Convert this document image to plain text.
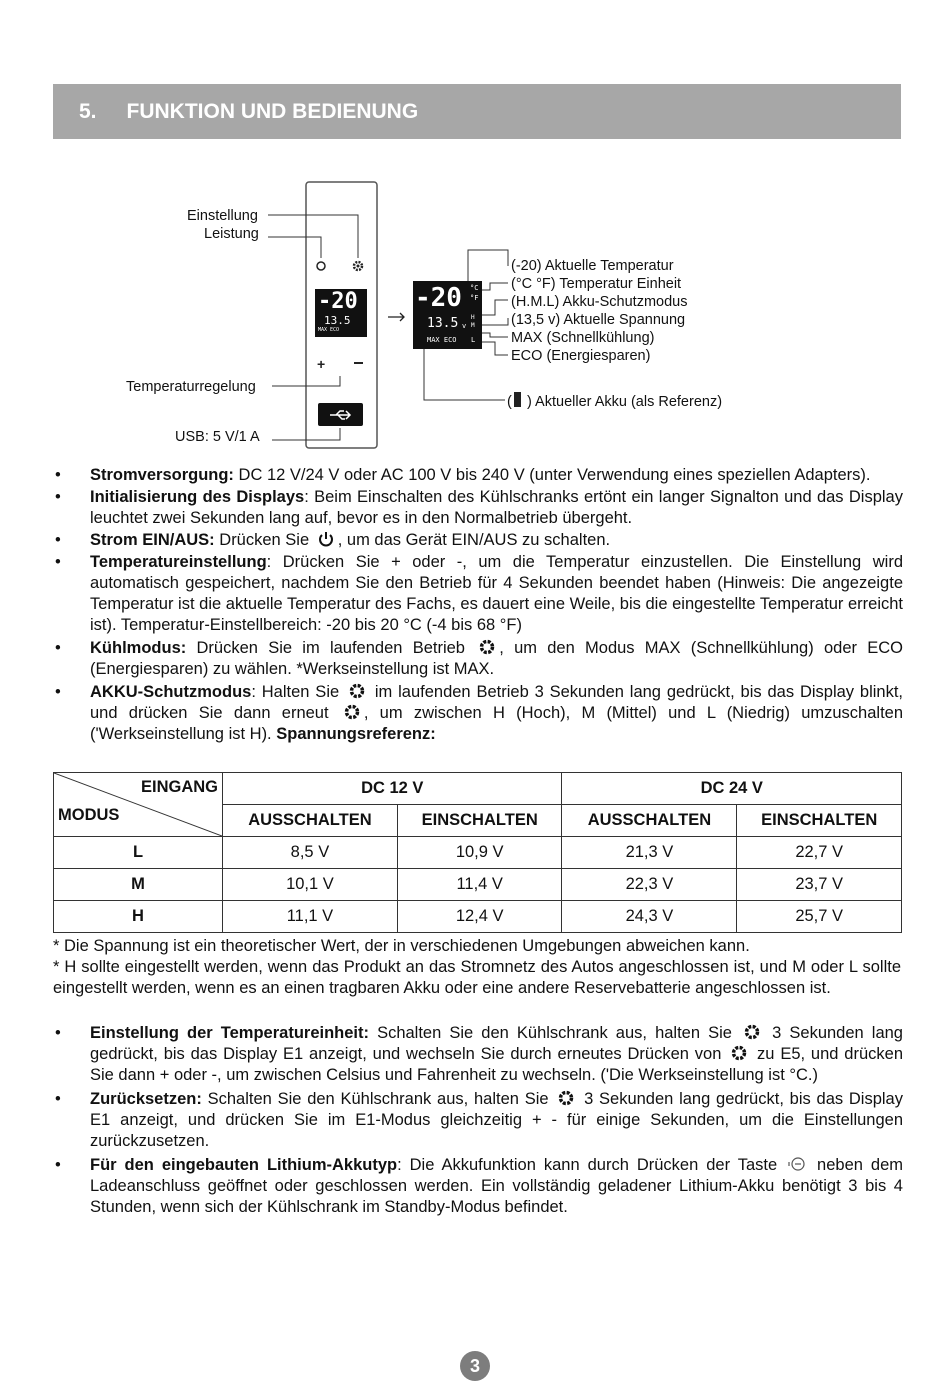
5. FUNKTION UND BEDIENUNG
+
-20
13.5
MAX ECO
-20 °C
°F
13.5 v
H
M
L
MAX ECO
Einstellung
Leistung
Temperaturregelung
USB: 5 V/1 A
(-20) Aktuelle Temperatur
(°C °F) Temperatur Einheit
(H.M.L) Akku-Schutzmodus
(13,5 v) Aktuelle Spannung
MAX (Schnellkühlung)
ECO (Energiesparen)
( ) Aktueller Akku (als Referenz)
• Stromversorgung: DC 12 V/24 V oder AC 100 V bis 240 V (unter Verwendung eines speziellen Adapters).
• Initialisierung des Displays: Beim Einschalten des Kühlschranks ertönt ein langer Signalton und das Display leuchtet zwei Sekunden lang auf, bevor es in den Normalbetrieb übergeht.
• Strom EIN/AUS: Drücken Sie , um das Gerät EIN/AUS zu schalten.
• Temperatureinstellung: Drücken Sie + oder -, um die Temperatur einzustellen. Die Einstellung wird automatisch gespeichert, nachdem Sie den Betrieb für 4 Sekunden beendet haben (Hinweis: Die angezeigte Temperatur ist die aktuelle Temperatur des Fachs, es dauert eine Weile, bis die eingestellte Temperatur erreicht ist). Temperatur-Einstellbereich: -20 bis 20 °C (-4 bis 68 °F)
• Kühlmodus: Drücken Sie im laufenden Betrieb , um den Modus MAX (Schnellkühlung) oder ECO (Energiesparen) zu wählen. *Werkseinstellung ist MAX.
• AKKU-Schutzmodus: Halten Sie  im laufenden Betrieb 3 Sekunden lang gedrückt, bis das Display blinkt, und drücken Sie dann erneut , um zwischen H (Hoch), M (Mittel) und L (Niedrig) umzuschalten ('Werkseinstellung ist H). Spannungsreferenz:
EINGANG
MODUS	DC 12 V		DC 24 V	
	AUSSCHALTEN	EINSCHALTEN	AUSSCHALTEN	EINSCHALTEN
L	8,5 V	10,9 V	21,3 V	22,7 V
M	10,1 V	11,4 V	22,3 V	23,7 V
H	11,1 V	12,4 V	24,3 V	25,7 V
* Die Spannung ist ein theoretischer Wert, der in verschiedenen Umgebungen abweichen kann.
* H sollte eingestellt werden, wenn das Produkt an das Stromnetz des Autos angeschlossen ist, und M oder L sollte eingestellt werden, wenn es an einen tragbaren Akku oder eine andere Reservebatterie angeschlossen ist.
• Einstellung der Temperatureinheit: Schalten Sie den Kühlschrank aus, halten Sie  3 Sekunden lang gedrückt, bis das Display E1 anzeigt, und wechseln Sie durch erneutes Drücken von  zu E5, und drücken Sie dann + oder -, um zwischen Celsius und Fahrenheit zu wechseln. ('Die Werkseinstellung ist °C.)
• Zurücksetzen: Schalten Sie den Kühlschrank aus, halten Sie  3 Sekunden lang gedrückt, bis das Display E1 anzeigt, und drücken Sie im E1-Modus gleichzeitig + - für einige Sekunden, um die Einstellungen zurückzusetzen.
• Für den eingebauten Lithium-Akkutyp: Die Akkufunktion kann durch Drücken der Taste  neben dem Ladeanschluss geöffnet oder geschlossen werden. Ein vollständig geladener Lithium-Akku benötigt 3 bis 4 Stunden, wenn sich der Kühlschrank im Standby-Modus befindet.
3
